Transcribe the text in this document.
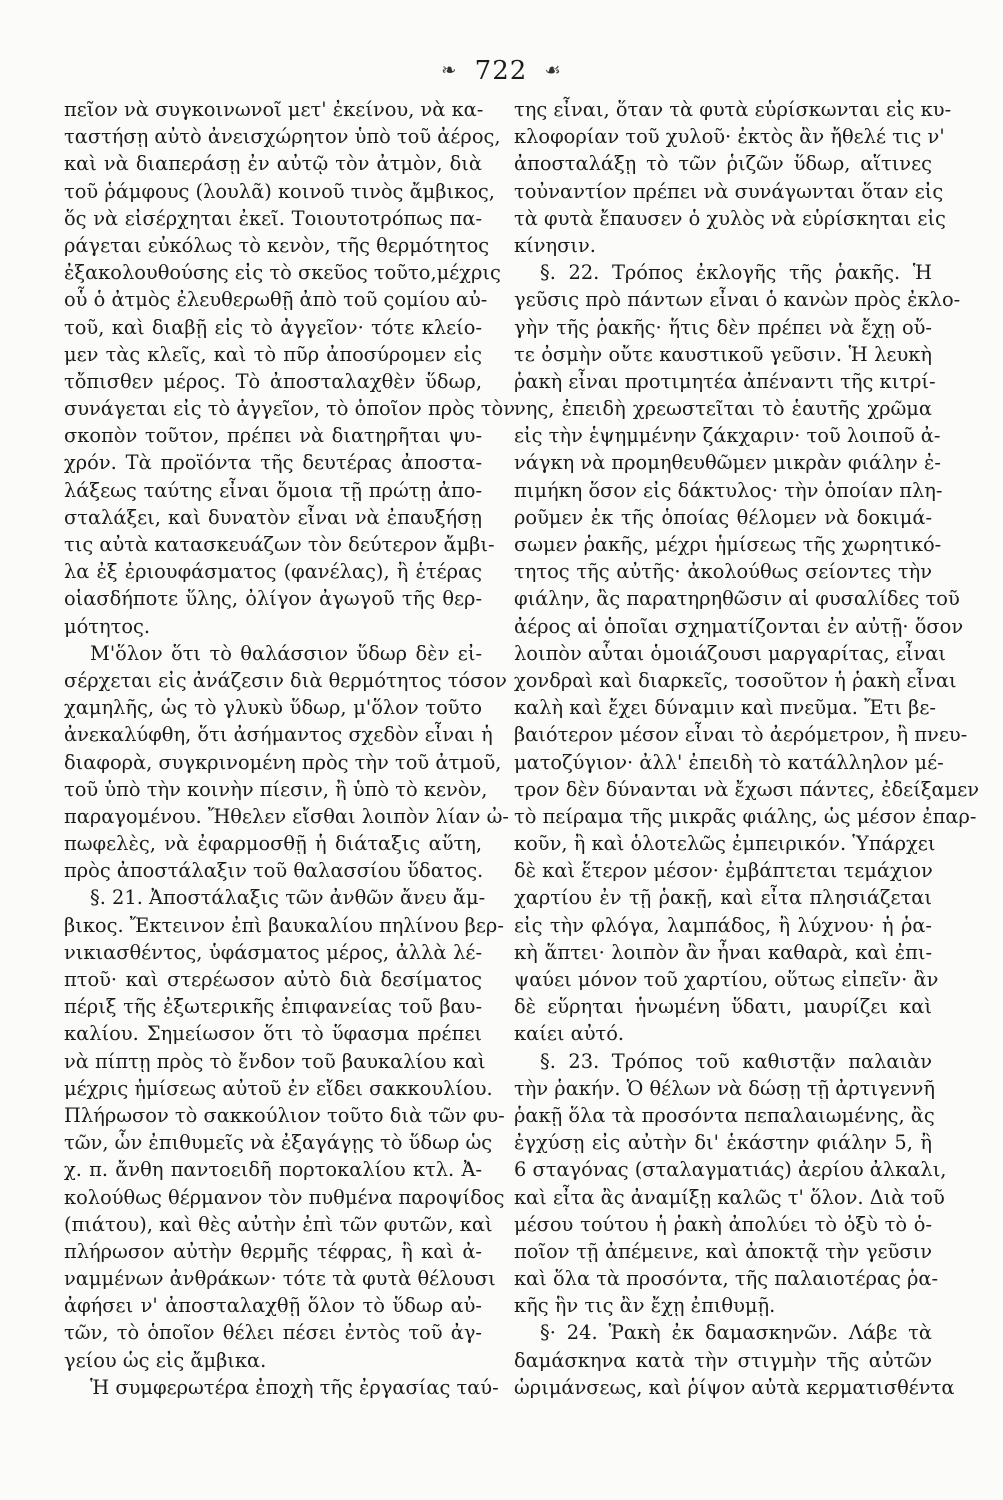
❧ 722 ☙
πεῖον νὰ συγκοινωνοῖ μετ' ἐκείνου, νὰ κα-
ταστήσῃ αὐτὸ ἀνεισχώρητον ὑπὸ τοῦ ἀέρος,
καὶ νὰ διαπεράσῃ ἐν αὐτῷ τὸν ἀτμὸν, διὰ
τοῦ ῥάμφους (λουλᾶ) κοινοῦ τινὸς ἄμβικος,
ὅς νὰ εἰσέρχηται ἐκεῖ. Τοιουτοτρόπως πα-
ράγεται εὐκόλως τὸ κενὸν, τῆς θερμότητος
ἐξακολουθούσης εἰς τὸ σκεῦος τοῦτο,μέχρις
οὗ ὁ ἀτμὸς ἐλευθερωθῇ ἀπὸ τοῦ ςομίου αὐ-
τοῦ, καὶ διαβῇ εἰς τὸ ἀγγεῖον· τότε κλείο-
μεν τὰς κλεῖς, καὶ τὸ πῦρ ἀποσύρομεν εἰς
τὄπισθεν μέρος. Τὸ ἀποσταλαχθὲν ὕδωρ,
συνάγεται εἰς τὸ ἀγγεῖον, τὸ ὁποῖον πρὸς τὸν
σκοπὸν τοῦτον, πρέπει νὰ διατηρῆται ψυ-
χρόν. Τὰ προϊόντα τῆς δευτέρας ἀποστα-
λάξεως ταύτης εἶναι ὅμοια τῇ πρώτῃ ἀπο-
σταλάξει, καὶ δυνατὸν εἶναι νὰ ἐπαυξήσῃ
τις αὐτὰ κατασκευάζων τὸν δεύτερον ἄμβι-
λα ἐξ ἐριουφάσματος (φανέλας), ἢ ἑτέρας
οἱασδήποτε ὕλης, ὀλίγον ἀγωγοῦ τῆς θερ-
μότητος.
Μ'ὅλον ὅτι τὸ θαλάσσιον ὕδωρ δὲν εἰ-
σέρχεται εἰς ἀνάζεσιν διὰ θερμότητος τόσον
χαμηλῆς, ὡς τὸ γλυκὺ ὕδωρ, μ'ὅλον τοῦτο
ἀνεκαλύφθη, ὅτι ἀσήμαντος σχεδὸν εἶναι ἡ
διαφορὰ, συγκρινομένη πρὸς τὴν τοῦ ἀτμοῦ,
τοῦ ὑπὸ τὴν κοινὴν πίεσιν, ἢ ὑπὸ τὸ κενὸν,
παραγομένου. Ἤθελεν εἴσθαι λοιπὸν λίαν ὠ-
πωφελὲς, νὰ ἐφαρμοσθῇ ἡ διάταξις αὕτη,
πρὸς ἀποστάλαξιν τοῦ θαλασσίου ὕδατος.
§. 21. Ἀποστάλαξις τῶν ἀνθῶν ἄνευ ἄμ-
βικος. Ἔκτεινον ἐπὶ βαυκαλίου πηλίνου βερ-
νικιασθέντος, ὑφάσματος μέρος, ἀλλὰ λέ-
πτοῦ· καὶ στερέωσον αὐτὸ διὰ δεσίματος
πέριξ τῆς ἐξωτερικῆς ἐπιφανείας τοῦ βαυ-
καλίου. Σημείωσον ὅτι τὸ ὕφασμα πρέπει
νὰ πίπτῃ πρὸς τὸ ἔνδον τοῦ βαυκαλίου καὶ
μέχρις ἡμίσεως αὐτοῦ ἐν εἴδει σακκουλίου.
Πλήρωσον τὸ σακκούλιον τοῦτο διὰ τῶν φυ-
τῶν, ὧν ἐπιθυμεῖς νὰ ἐξαγάγῃς τὸ ὕδωρ ὡς
χ. π. ἄνθη παντοειδῆ πορτοκαλίου κτλ. Ἀ-
κολούθως θέρμανον τὸν πυθμένα παροψίδος
(πιάτου), καὶ θὲς αὐτὴν ἐπὶ τῶν φυτῶν, καὶ
πλήρωσον αὐτὴν θερμῆς τέφρας, ἢ καὶ ἀ-
ναμμένων ἀνθράκων· τότε τὰ φυτὰ θέλουσι
ἀφήσει ν' ἀποσταλαχθῇ ὅλον τὸ ὕδωρ αὐ-
τῶν, τὸ ὁποῖον θέλει πέσει ἐντὸς τοῦ ἀγ-
γείου ὡς εἰς ἄμβικα.
Ἡ συμφερωτέρα ἐποχὴ τῆς ἐργασίας ταύ-
της εἶναι, ὅταν τὰ φυτὰ εὑρίσκωνται εἰς κυ-
κλοφορίαν τοῦ χυλοῦ· ἐκτὸς ἂν ἤθελέ τις ν'
ἀποσταλάξῃ τὸ τῶν ῥιζῶν ὕδωρ, αἵτινες
τοὐναντίον πρέπει νὰ συνάγωνται ὅταν εἰς
τὰ φυτὰ ἔπαυσεν ὁ χυλὸς νὰ εὑρίσκηται εἰς
κίνησιν.
§. 22. Τρόπος ἐκλογῆς τῆς ῥακῆς. Ἡ
γεῦσις πρὸ πάντων εἶναι ὁ κανὼν πρὸς ἐκλο-
γὴν τῆς ῥακῆς· ἥτις δὲν πρέπει νὰ ἔχῃ οὔ-
τε ὀσμὴν οὔτε καυστικοῦ γεῦσιν. Ἡ λευκὴ
ῥακὴ εἶναι προτιμητέα ἀπέναντι τῆς κιτρί-
νης, ἐπειδὴ χρεωστεῖται τὸ ἑαυτῆς χρῶμα
εἰς τὴν ἑψημμένην ζάκχαριν· τοῦ λοιποῦ ἀ-
νάγκη νὰ προμηθευθῶμεν μικρὰν φιάλην ἐ-
πιμήκη ὅσον εἰς δάκτυλος· τὴν ὁποίαν πλη-
ροῦμεν ἐκ τῆς ὁποίας θέλομεν νὰ δοκιμά-
σωμεν ῥακῆς, μέχρι ἡμίσεως τῆς χωρητικό-
τητος τῆς αὐτῆς· ἀκολούθως σείοντες τὴν
φιάλην, ἂς παρατηρηθῶσιν αἱ φυσαλίδες τοῦ
ἀέρος αἱ ὁποῖαι σχηματίζονται ἐν αὐτῇ· ὅσον
λοιπὸν αὗται ὁμοιάζουσι μαργαρίτας, εἶναι
χονδραὶ καὶ διαρκεῖς, τοσοῦτον ἡ ῥακὴ εἶναι
καλὴ καὶ ἔχει δύναμιν καὶ πνεῦμα. Ἔτι βε-
βαιότερον μέσον εἶναι τὸ ἀερόμετρον, ἢ πνευ-
ματοζύγιον· ἀλλ' ἐπειδὴ τὸ κατάλληλον μέ-
τρον δὲν δύνανται νὰ ἔχωσι πάντες, ἐδείξαμεν
τὸ πείραμα τῆς μικρᾶς φιάλης, ὡς μέσον ἐπαρ-
κοῦν, ἢ καὶ ὁλοτελῶς ἐμπειρικόν. Ὑπάρχει
δὲ καὶ ἕτερον μέσον· ἐμβάπτεται τεμάχιον
χαρτίου ἐν τῇ ῥακῇ, καὶ εἶτα πλησιάζεται
εἰς τὴν φλόγα, λαμπάδος, ἢ λύχνου· ἡ ῥα-
κὴ ἅπτει· λοιπὸν ἂν ἦναι καθαρὰ, καὶ ἐπι-
ψαύει μόνον τοῦ χαρτίου, οὕτως εἰπεῖν· ἂν
δὲ εὕρηται ἡνωμένη ὕδατι, μαυρίζει καὶ
καίει αὐτό.
§. 23. Τρόπος τοῦ καθιστᾷν παλαιὰν
τὴν ῥακήν. Ὁ θέλων νὰ δώσῃ τῇ ἀρτιγεννῆ
ῥακῇ ὅλα τὰ προσόντα πεπαλαιωμένης, ἂς
ἐγχύσῃ εἰς αὐτὴν δι' ἑκάστην φιάλην 5, ἢ
6 σταγόνας (σταλαγματιάς) ἀερίου ἀλκαλι,
καὶ εἶτα ἂς ἀναμίξῃ καλῶς τ' ὅλον. Διὰ τοῦ
μέσου τούτου ἡ ῥακὴ ἀπολύει τὸ ὀξὺ τὸ ὁ-
ποῖον τῇ ἀπέμεινε, καὶ ἀποκτᾷ τὴν γεῦσιν
καὶ ὅλα τὰ προσόντα, τῆς παλαιοτέρας ῥα-
κῆς ἣν τις ἂν ἔχῃ ἐπιθυμῇ.
§· 24. Ῥακὴ ἐκ δαμασκηνῶν. Λάβε τὰ
δαμάσκηνα κατὰ τὴν στιγμὴν τῆς αὐτῶν
ὡριμάνσεως, καὶ ῥίψον αὐτὰ κερματισθέντα
